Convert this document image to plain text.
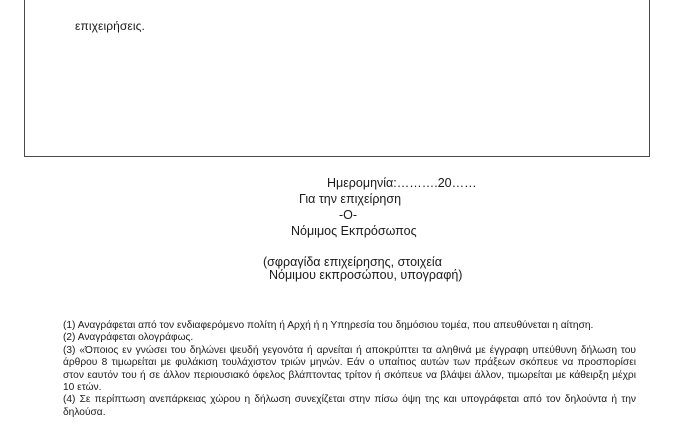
επιχειρήσεις.
Ημερομηνία:……….20……
Για την επιχείρηση
-Ο-
Νόμιμος Εκπρόσωπος
(σφραγίδα επιχείρησης, στοιχεία
Νόμιμου εκπροσώπου, υπογραφή)

(1) Αναγράφεται από τον ενδιαφερόμενο πολίτη ή Αρχή ή η Υπηρεσία του δημόσιου τομέα, που απευθύνεται η αίτηση.

(2) Αναγράφεται ολογράφως.

(3) «Όποιος εν γνώσει του δηλώνει ψευδή γεγονότα ή αρνείται ή αποκρύπτει τα αληθινά με έγγραφη υπεύθυνη δήλωση του άρθρου 8 τιμωρείται με φυλάκιση τουλάχιστον τριών μηνών. Εάν ο υπαίτιος αυτών των πράξεων σκόπευε να προσπορίσει στον εαυτόν του ή σε άλλον περιουσιακό όφελος βλάπτοντας τρίτον ή σκόπευε να βλάψει άλλον, τιμωρείται με κάθειρξη μέχρι 10 ετών.

(4) Σε περίπτωση ανεπάρκειας χώρου η δήλωση συνεχίζεται στην πίσω όψη της και υπογράφεται από τον δηλούντα ή την δηλούσα.
